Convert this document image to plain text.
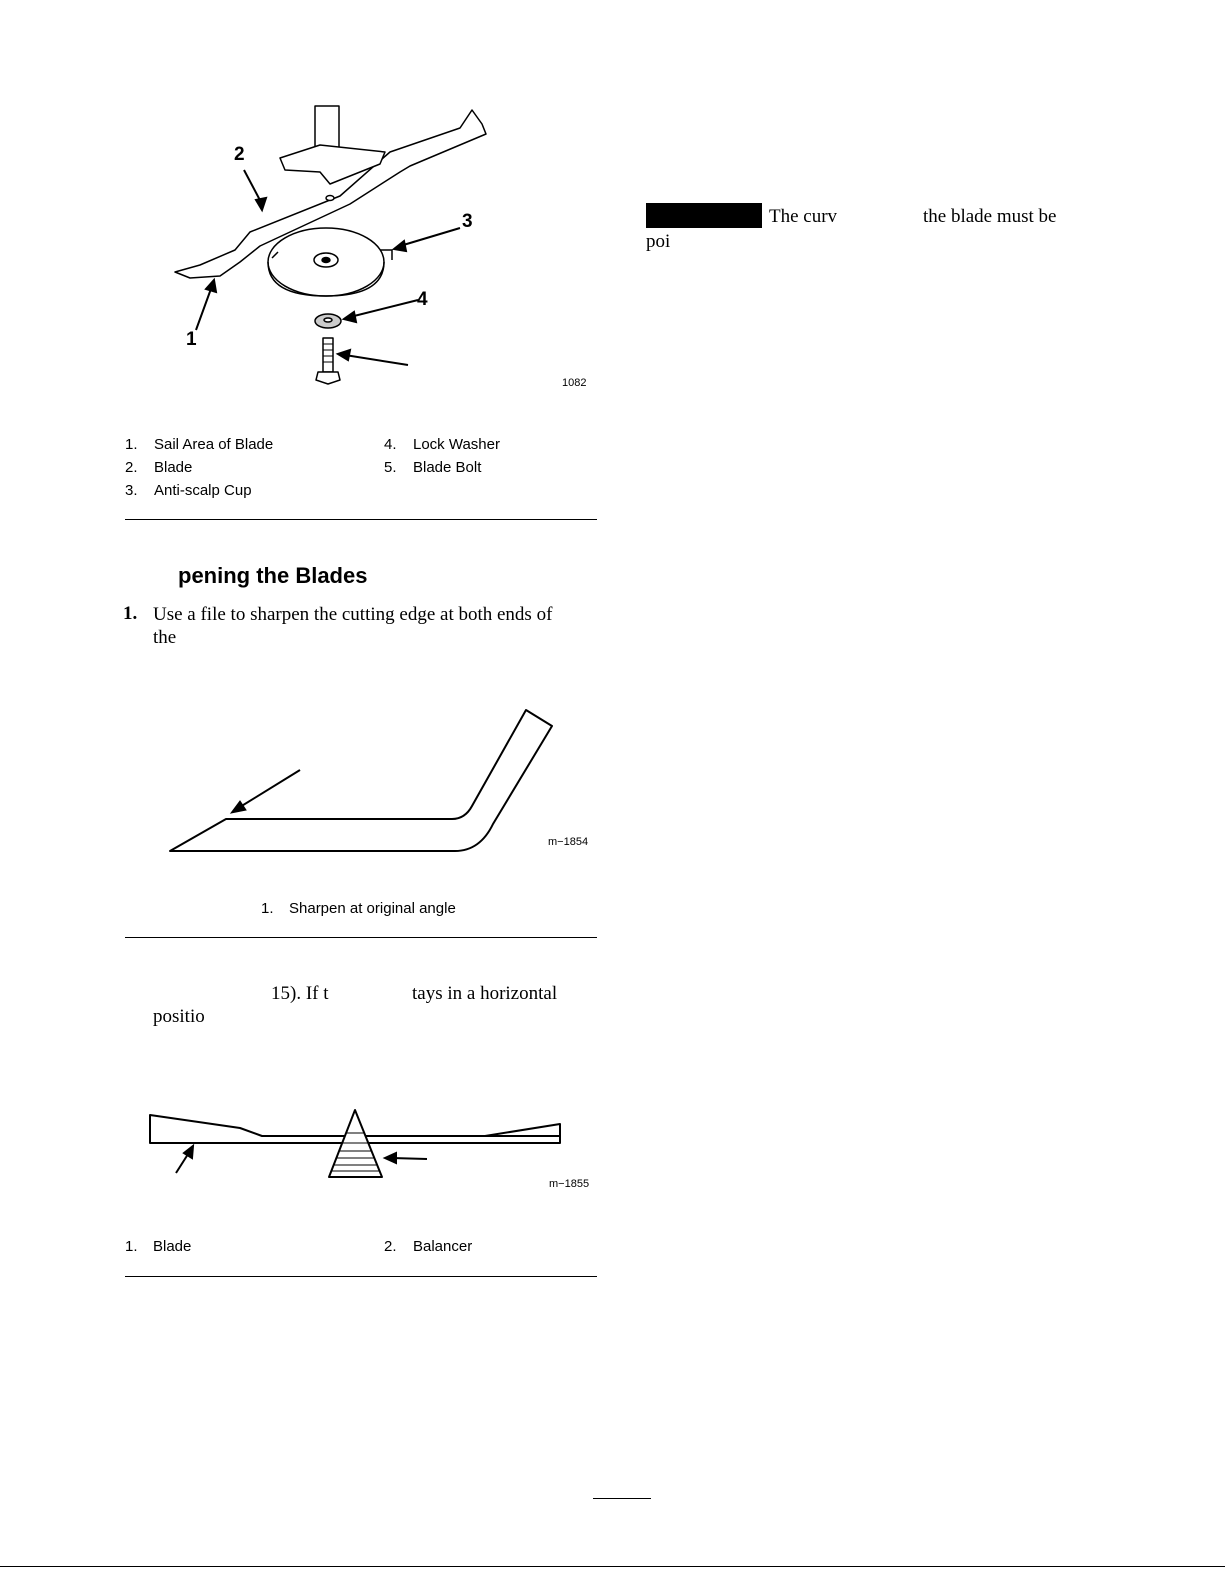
2
3
4
1
1082
1. Sail Area of Blade
2. Blade
3. Anti-scalp Cup
4. Lock Washer
5. Blade Bolt
pening the Blades
1. Use a file to sharpen the cutting edge at both ends of
the
m−1854
1. Sharpen at original angle
15). If t	tays in a horizontal
positio
m−1855
1. Blade	2. Balancer
The curv	the blade must be
poi
